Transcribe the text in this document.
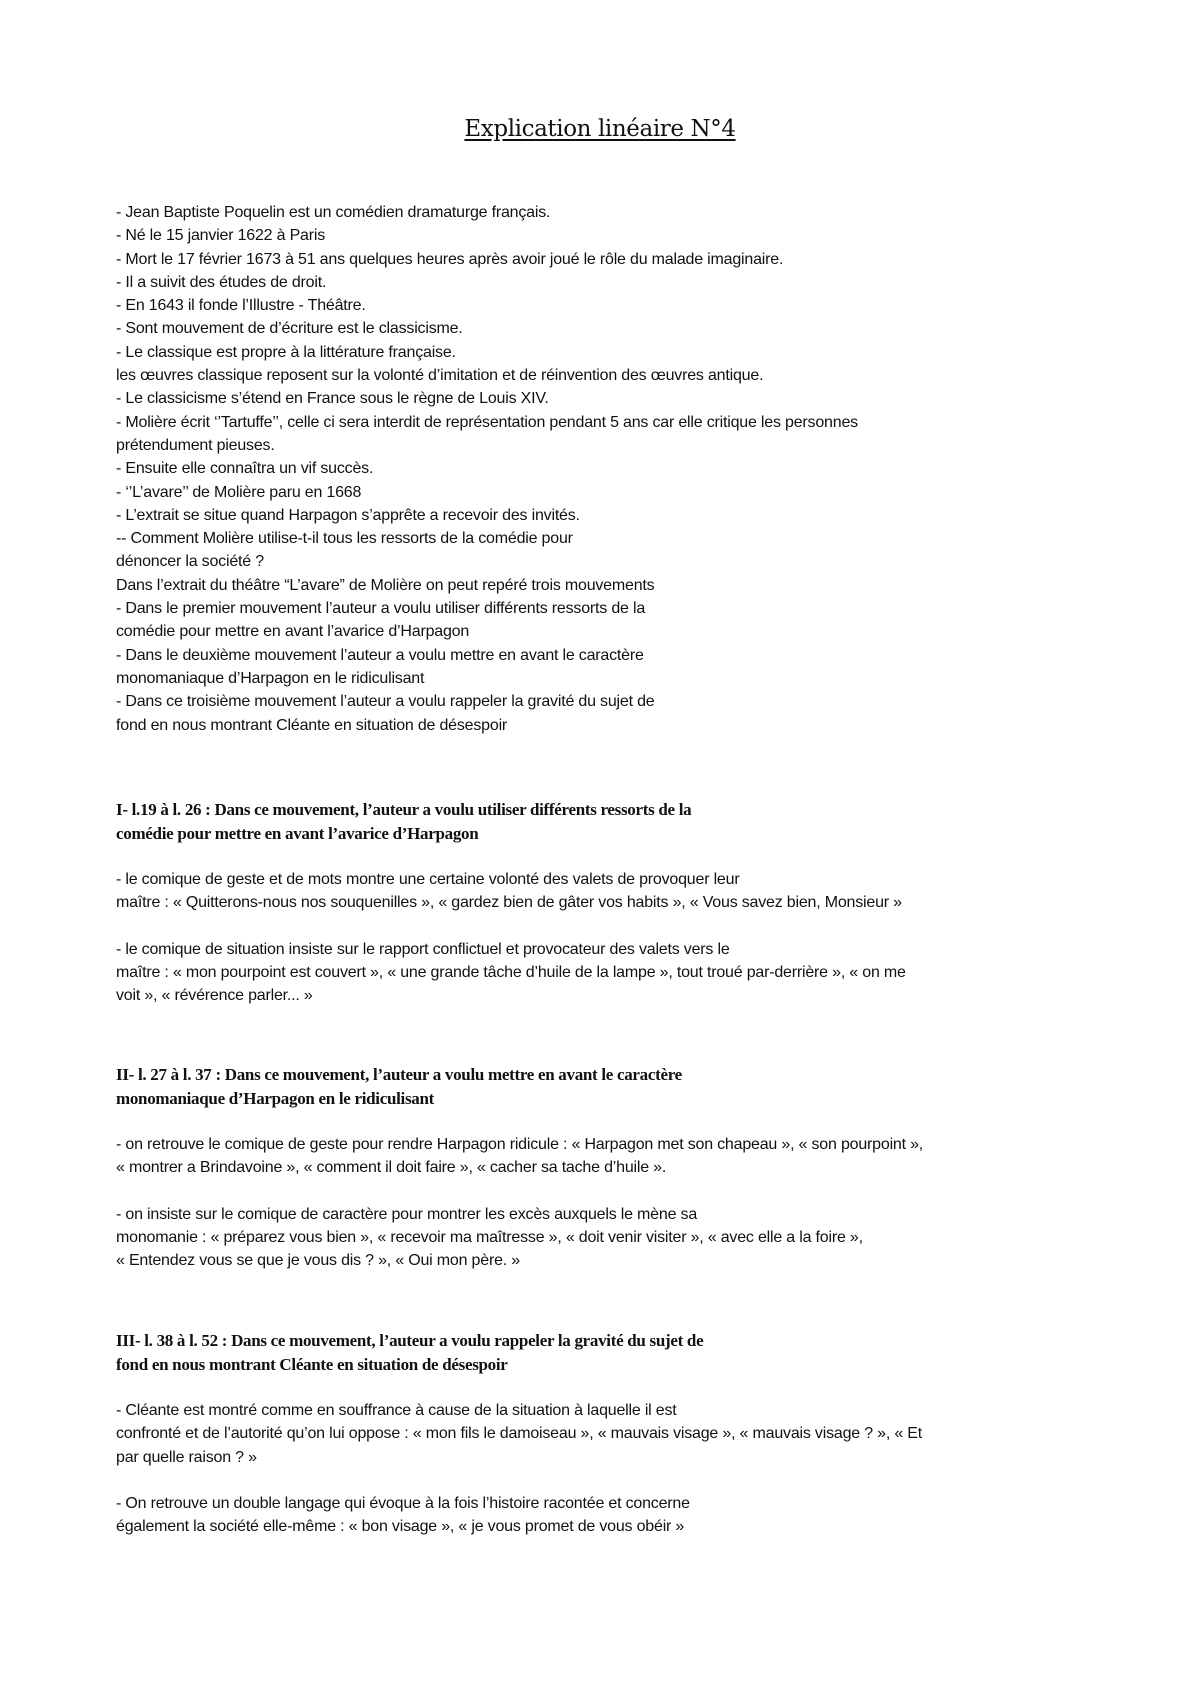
Explication linéaire N°4

- Jean Baptiste Poquelin est un comédien dramaturge français.

- Né le 15 janvier 1622 à Paris

- Mort le 17 février 1673 à 51 ans quelques heures après avoir joué le rôle du malade imaginaire.

- Il a suivit des études de droit.

- En 1643 il fonde l’Illustre - Théâtre.

- Sont mouvement de d’écriture est le classicisme.

- Le classique est propre à la littérature française.

les œuvres classique reposent sur la volonté d’imitation et de réinvention des œuvres antique.

- Le classicisme s’étend en France sous le règne de Louis XIV.

- Molière écrit ‘’Tartuffe’’, celle ci sera interdit de représentation pendant 5 ans car elle critique les personnes

prétendument pieuses.

- Ensuite elle connaîtra un vif succès.

- ‘’L’avare’’ de Molière paru en 1668

- L’extrait se situe quand Harpagon s’apprête a recevoir des invités.

-- Comment Molière utilise-t-il tous les ressorts de la comédie pour

dénoncer la société ?

Dans l’extrait du théâtre “L’avare” de Molière on peut repéré trois mouvements

- Dans le premier mouvement l’auteur a voulu utiliser différents ressorts de la

comédie pour mettre en avant l’avarice d’Harpagon

- Dans le deuxième mouvement l’auteur a voulu mettre en avant le caractère

monomaniaque d’Harpagon en le ridiculisant

- Dans ce troisième mouvement l’auteur a voulu rappeler la gravité du sujet de

fond en nous montrant Cléante en situation de désespoir

I- l.19 à l. 26 : Dans ce mouvement, l’auteur a voulu utiliser différents ressorts de la

comédie pour mettre en avant l’avarice d’Harpagon

- le comique de geste et de mots montre une certaine volonté des valets de provoquer leur

maître : « Quitterons-nous nos souquenilles », « gardez bien de gâter vos habits », « Vous savez bien, Monsieur »

- le comique de situation insiste sur le rapport conflictuel et provocateur des valets vers le

maître : « mon pourpoint est couvert », « une grande tâche d’huile de la lampe », tout troué par-derrière », « on me

voit », « révérence parler... »

II- l. 27 à l. 37 : Dans ce mouvement, l’auteur a voulu mettre en avant le caractère

monomaniaque d’Harpagon en le ridiculisant

- on retrouve le comique de geste pour rendre Harpagon ridicule : « Harpagon met son chapeau », « son pourpoint »,

« montrer a Brindavoine », « comment il doit faire », « cacher sa tache d’huile ».

- on insiste sur le comique de caractère pour montrer les excès auxquels le mène sa

monomanie : « préparez vous bien », « recevoir ma maîtresse », « doit venir visiter », « avec elle a la foire »,

« Entendez vous se que je vous dis ? », « Oui mon père. »

III- l. 38 à l. 52 : Dans ce mouvement, l’auteur a voulu rappeler la gravité du sujet de

fond en nous montrant Cléante en situation de désespoir

- Cléante est montré comme en souffrance à cause de la situation à laquelle il est

confronté et de l’autorité qu’on lui oppose : « mon fils le damoiseau », « mauvais visage », « mauvais visage ? », « Et

par quelle raison ? »

- On retrouve un double langage qui évoque à la fois l’histoire racontée et concerne

également la société elle-même : « bon visage », « je vous promet de vous obéir »
